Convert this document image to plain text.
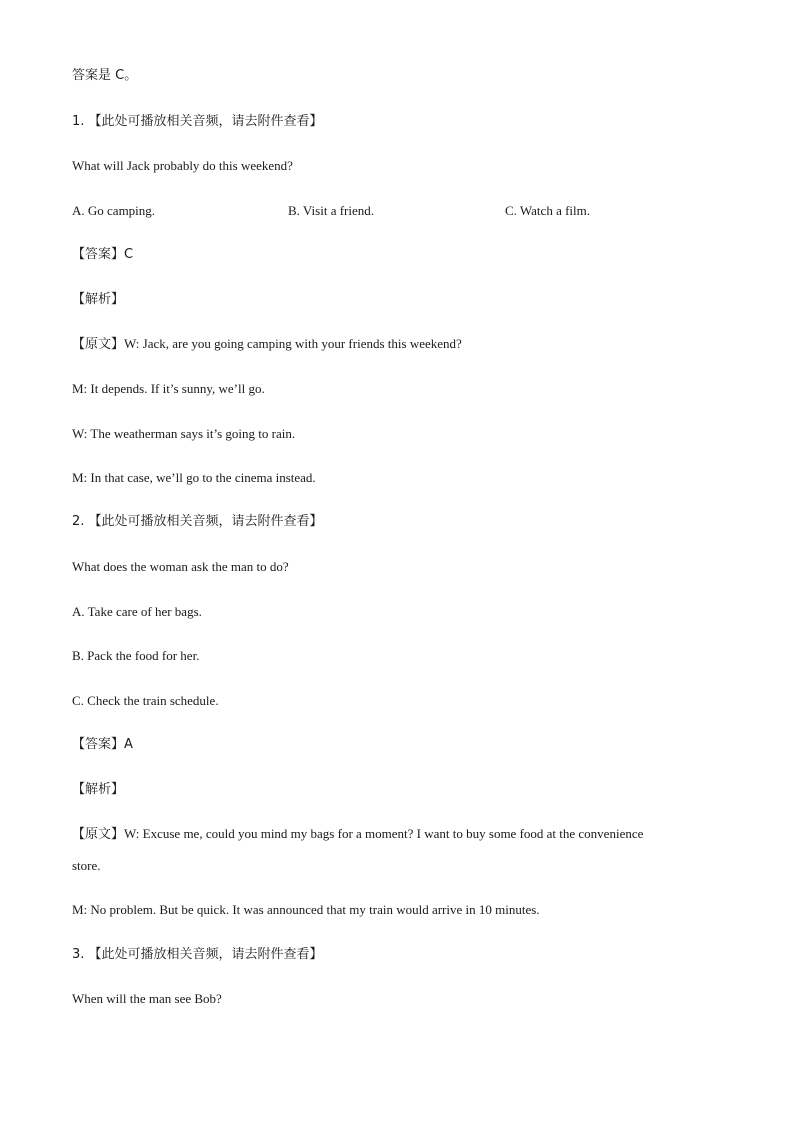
答案是 C。
1. 【此处可播放相关音频，请去附件查看】
What will Jack probably do this weekend?
A. Go camping.	B. Visit a friend.	C. Watch a film.
【答案】C
【解析】
【原文】W: Jack, are you going camping with your friends this weekend?
M: It depends. If it’s sunny, we’ll go.
W: The weatherman says it’s going to rain.
M: In that case, we’ll go to the cinema instead.
2. 【此处可播放相关音频，请去附件查看】
What does the woman ask the man to do?
A. Take care of her bags.
B. Pack the food for her.
C. Check the train schedule.
【答案】A
【解析】
【原文】W: Excuse me, could you mind my bags for a moment? I want to buy some food at the convenience
store.
M: No problem. But be quick. It was announced that my train would arrive in 10 minutes.
3. 【此处可播放相关音频，请去附件查看】
When will the man see Bob?
